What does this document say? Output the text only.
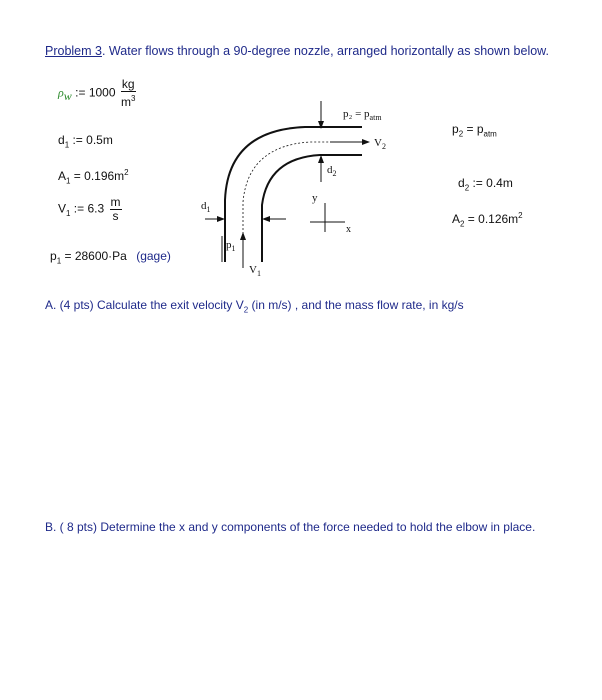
Problem 3. Water flows through a 90-degree nozzle, arranged horizontally as shown below.
$\rho_w$ := $1000 \frac{kg}{m^3}$
$d_1$ := 0.5m
$A_1 = 0.196m^2$
$V_1$ := $6.3 \frac{m}{s}$
$p_1 = 28600\cdot Pa$ (gage)
$p_2 = p_{atm}$
$d_2$ := 0.4m
$A_2 = 0.126m^2$
$p_2 = p_{atm}$
$V_2$
$d_2$
$d_1$
$p_1$
$V_1$
y
x
A. (4 pts) Calculate the exit velocity $V_2$ (in m/s) , and the mass flow rate, in kg/s
B. ( 8 pts) Determine the x and y components of the force needed to hold the elbow in place.
